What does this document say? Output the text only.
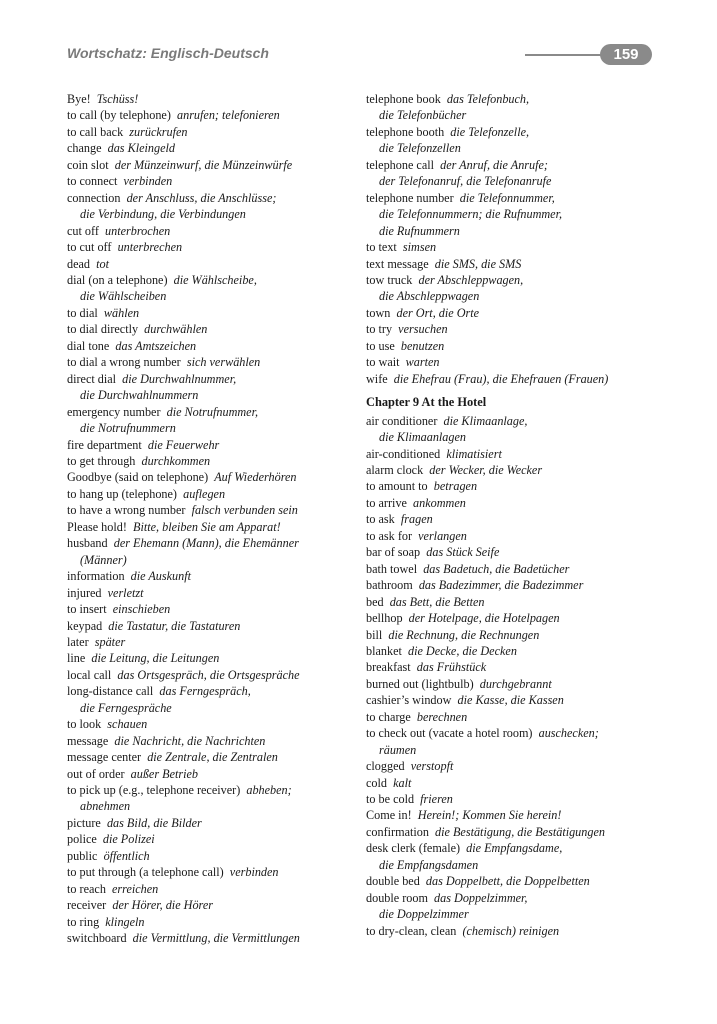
Wortschatz: Englisch-Deutsch	159
Bye! Tschüss!
to call (by telephone) anrufen; telefonieren
to call back zurückrufen
change das Kleingeld
coin slot der Münzeinwurf, die Münzeinwürfe
to connect verbinden
connection der Anschluss, die Anschlüsse;
die Verbindung, die Verbindungen
cut off unterbrochen
to cut off unterbrechen
dead tot
dial (on a telephone) die Wählscheibe,
die Wählscheiben
to dial wählen
to dial directly durchwählen
dial tone das Amtszeichen
to dial a wrong number sich verwählen
direct dial die Durchwahlnummer,
die Durchwahlnummern
emergency number die Notrufnummer,
die Notrufnummern
fire department die Feuerwehr
to get through durchkommen
Goodbye (said on telephone) Auf Wiederhören
to hang up (telephone) auflegen
to have a wrong number falsch verbunden sein
Please hold! Bitte, bleiben Sie am Apparat!
husband der Ehemann (Mann), die Ehemänner
(Männer)
information die Auskunft
injured verletzt
to insert einschieben
keypad die Tastatur, die Tastaturen
later später
line die Leitung, die Leitungen
local call das Ortsgespräch, die Ortsgespräche
long-distance call das Ferngespräch,
die Ferngespräche
to look schauen
message die Nachricht, die Nachrichten
message center die Zentrale, die Zentralen
out of order außer Betrieb
to pick up (e.g., telephone receiver) abheben;
abnehmen
picture das Bild, die Bilder
police die Polizei
public öffentlich
to put through (a telephone call) verbinden
to reach erreichen
receiver der Hörer, die Hörer
to ring klingeln
switchboard die Vermittlung, die Vermittlungen
telephone book das Telefonbuch,
die Telefonbücher
telephone booth die Telefonzelle,
die Telefonzellen
telephone call der Anruf, die Anrufe;
der Telefonanruf, die Telefonanrufe
telephone number die Telefonnummer,
die Telefonnummern; die Rufnummer,
die Rufnummern
to text simsen
text message die SMS, die SMS
tow truck der Abschleppwagen,
die Abschleppwagen
town der Ort, die Orte
to try versuchen
to use benutzen
to wait warten
wife die Ehefrau (Frau), die Ehefrauen (Frauen)
Chapter 9 At the Hotel
air conditioner die Klimaanlage,
die Klimaanlagen
air-conditioned klimatisiert
alarm clock der Wecker, die Wecker
to amount to betragen
to arrive ankommen
to ask fragen
to ask for verlangen
bar of soap das Stück Seife
bath towel das Badetuch, die Badetücher
bathroom das Badezimmer, die Badezimmer
bed das Bett, die Betten
bellhop der Hotelpage, die Hotelpagen
bill die Rechnung, die Rechnungen
blanket die Decke, die Decken
breakfast das Frühstück
burned out (lightbulb) durchgebrannt
cashier’s window die Kasse, die Kassen
to charge berechnen
to check out (vacate a hotel room) auschecken;
räumen
clogged verstopft
cold kalt
to be cold frieren
Come in! Herein!; Kommen Sie herein!
confirmation die Bestätigung, die Bestätigungen
desk clerk (female) die Empfangsdame,
die Empfangsdamen
double bed das Doppelbett, die Doppelbetten
double room das Doppelzimmer,
die Doppelzimmer
to dry-clean, clean (chemisch) reinigen
